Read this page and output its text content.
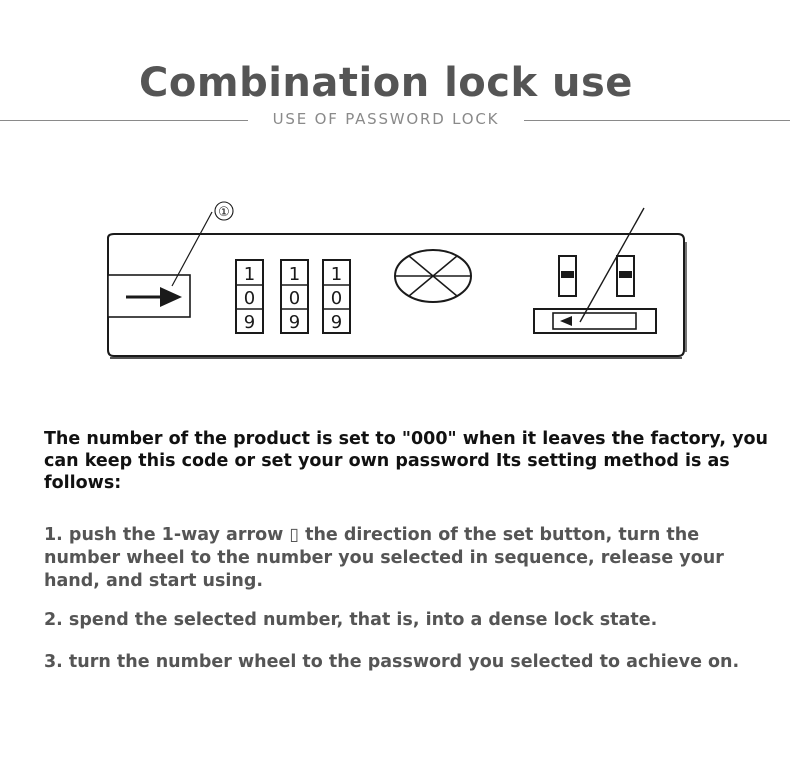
Combination lock use
USE OF PASSWORD LOCK
①
1
0
9
1
0
9
1
0
9
The number of the product is set to "000" when it leaves the factory, you can keep this code or set your own password Its setting method is as follows:
1. push the 1-way arrow ▯ the direction of the set button, turn the number wheel to the number you selected in sequence, release your hand, and start using.
2. spend the selected number, that is, into a dense lock state.
3. turn the number wheel to the password you selected to achieve on.
